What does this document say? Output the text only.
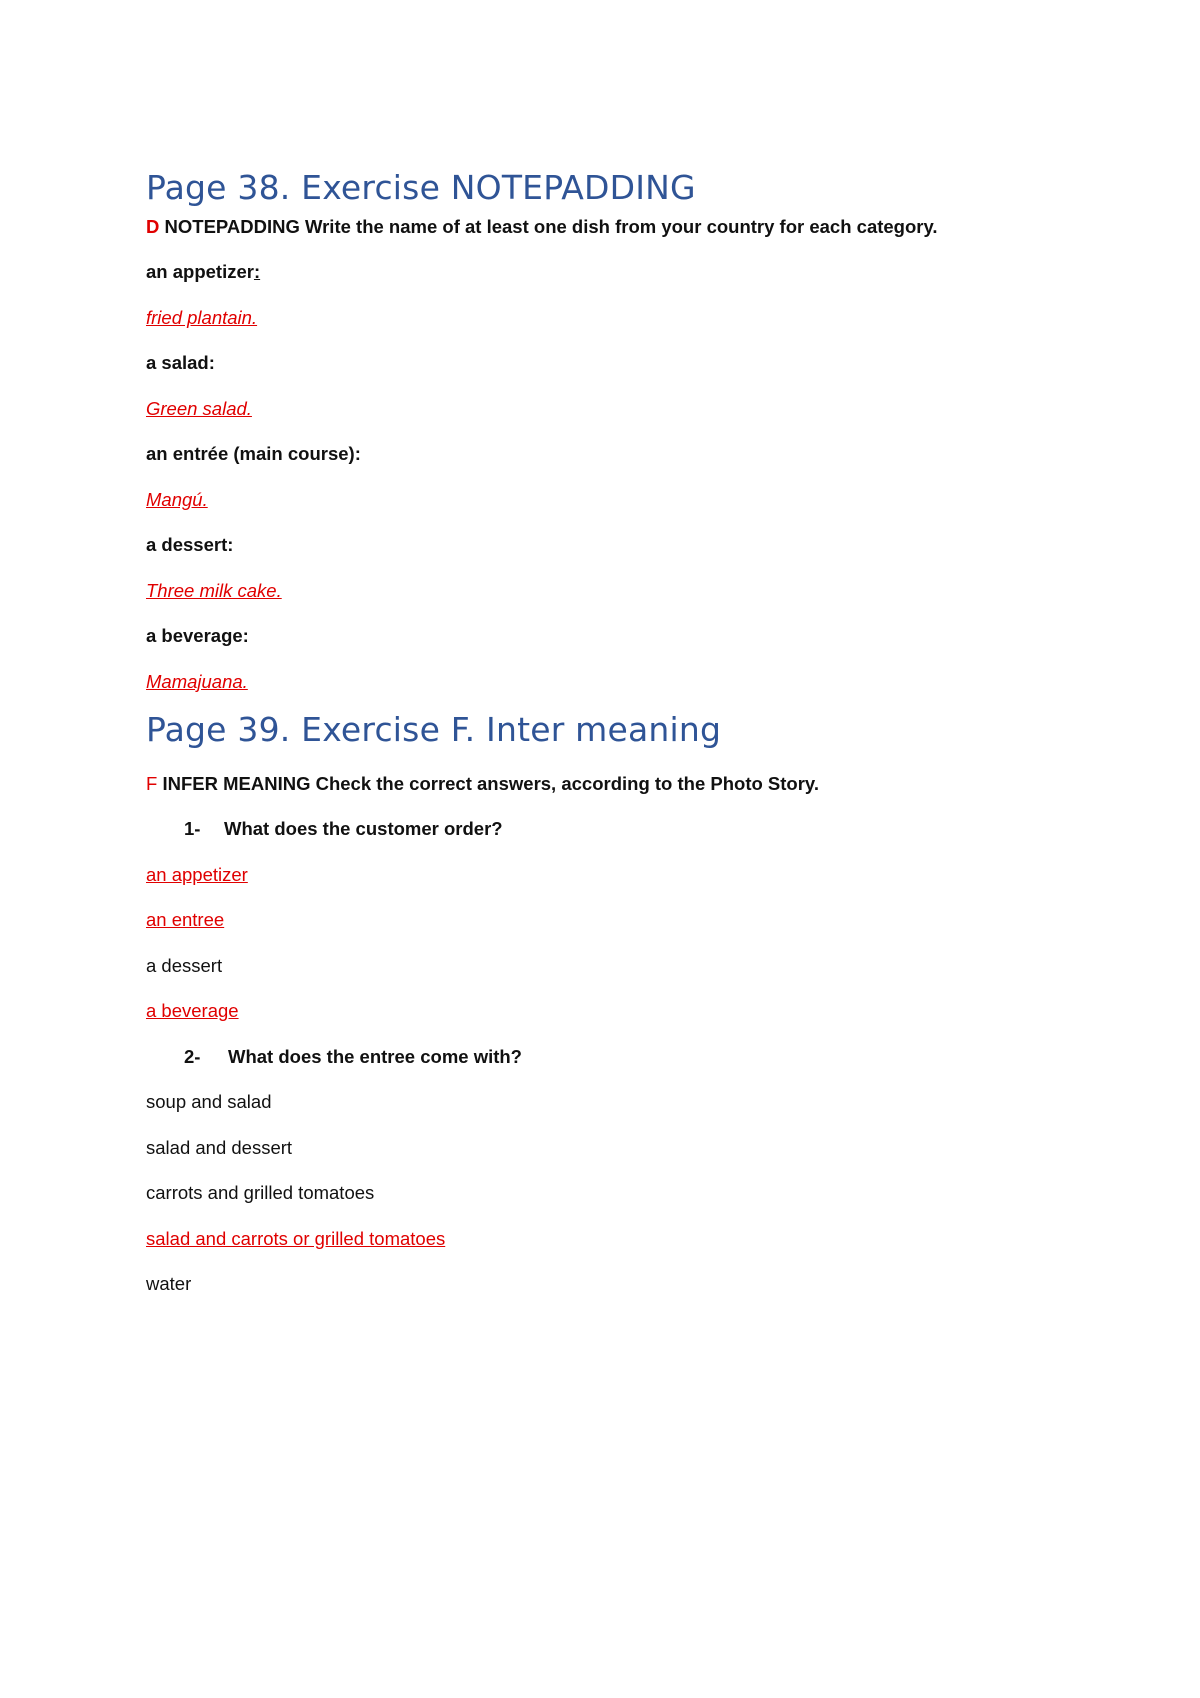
Page 38. Exercise NOTEPADDING

D NOTEPADDING Write the name of at least one dish from your country for each category.

an appetizer:

fried plantain.

a salad:

Green salad.

an entrée (main course):

Mangú.

a dessert:

Three milk cake.

a beverage:

Mamajuana.

Page 39. Exercise F. Inter meaning

F INFER MEANING Check the correct answers, according to the Photo Story.

1- What does the customer order?

an appetizer

an entree

a dessert

a beverage

2- What does the entree come with?

soup and salad

salad and dessert

carrots and grilled tomatoes

salad and carrots or grilled tomatoes

water
